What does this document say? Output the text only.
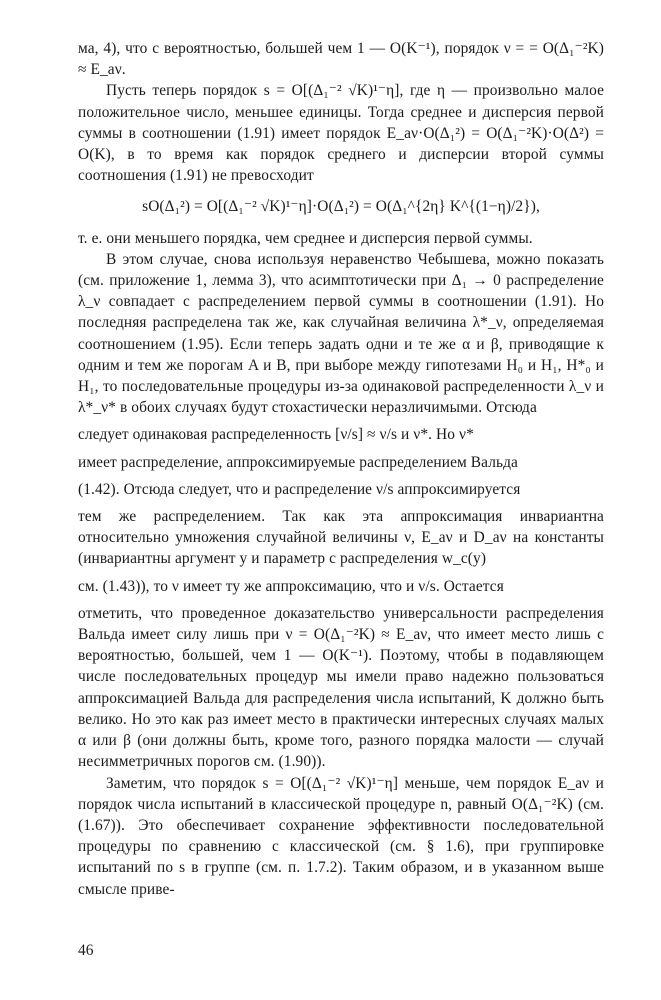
ма, 4), что с вероятностью, большей чем 1 — O(K⁻¹), порядок ν = = O(Δ₁⁻²K) ≈ E_aν.

Пусть теперь порядок s = O[(Δ₁⁻² √K)¹⁻η], где η — произвольно малое положительное число, меньшее единицы. Тогда среднее и дисперсия первой суммы в соотношении (1.91) имеет порядок E_aν·O(Δ₁²) = O(Δ₁⁻²K)·O(Δ²) = O(K), в то время как порядок среднего и дисперсии второй суммы соотношения (1.91) не превосходит

sO(Δ₁²) = O[(Δ₁⁻² √K)¹⁻η]·O(Δ₁²) = O(Δ₁^{2η} K^{(1−η)/2}),

т. е. они меньшего порядка, чем среднее и дисперсия первой суммы.

В этом случае, снова используя неравенство Чебышева, можно показать (см. приложение 1, лемма 3), что асимптотически при Δ₁ → 0 распределение λ_ν совпадает с распределением первой суммы в соотношении (1.91). Но последняя распределена так же, как случайная величина λ*_ν, определяемая соотношением (1.95). Если теперь задать одни и те же α и β, приводящие к одним и тем же порогам A и B, при выборе между гипотезами H₀ и H₁, H*₀ и H₁, то последовательные процедуры из-за одинаковой распределенности λ_ν и λ*_ν* в обоих случаях будут стохастически неразличимыми. Отсюда

следует одинаковая распределенность [ν/s] ≈ ν/s и ν*. Но ν*

имеет распределение, аппроксимируемые распределением Вальда

(1.42). Отсюда следует, что и распределение ν/s аппроксимируется

тем же распределением. Так как эта аппроксимация инвариантна относительно умножения случайной величины ν, E_aν и D_aν на константы (инвариантны аргумент y и параметр c распределения w_c(y)

см. (1.43)), то ν имеет ту же аппроксимацию, что и ν/s. Остается

отметить, что проведенное доказательство универсальности распределения Вальда имеет силу лишь при ν = O(Δ₁⁻²K) ≈ E_aν, что имеет место лишь с вероятностью, большей, чем 1 — O(K⁻¹). Поэтому, чтобы в подавляющем числе последовательных процедур мы имели право надежно пользоваться аппроксимацией Вальда для распределения числа испытаний, K должно быть велико. Но это как раз имеет место в практически интересных случаях малых α или β (они должны быть, кроме того, разного порядка малости — случай несимметричных порогов см. (1.90)).

Заметим, что порядок s = O[(Δ₁⁻² √K)¹⁻η] меньше, чем порядок E_aν и порядок числа испытаний в классической процедуре n, равный O(Δ₁⁻²K) (см. (1.67)). Это обеспечивает сохранение эффективности последовательной процедуры по сравнению с классической (см. § 1.6), при группировке испытаний по s в группе (см. п. 1.7.2). Таким образом, и в указанном выше смысле приве-

46
